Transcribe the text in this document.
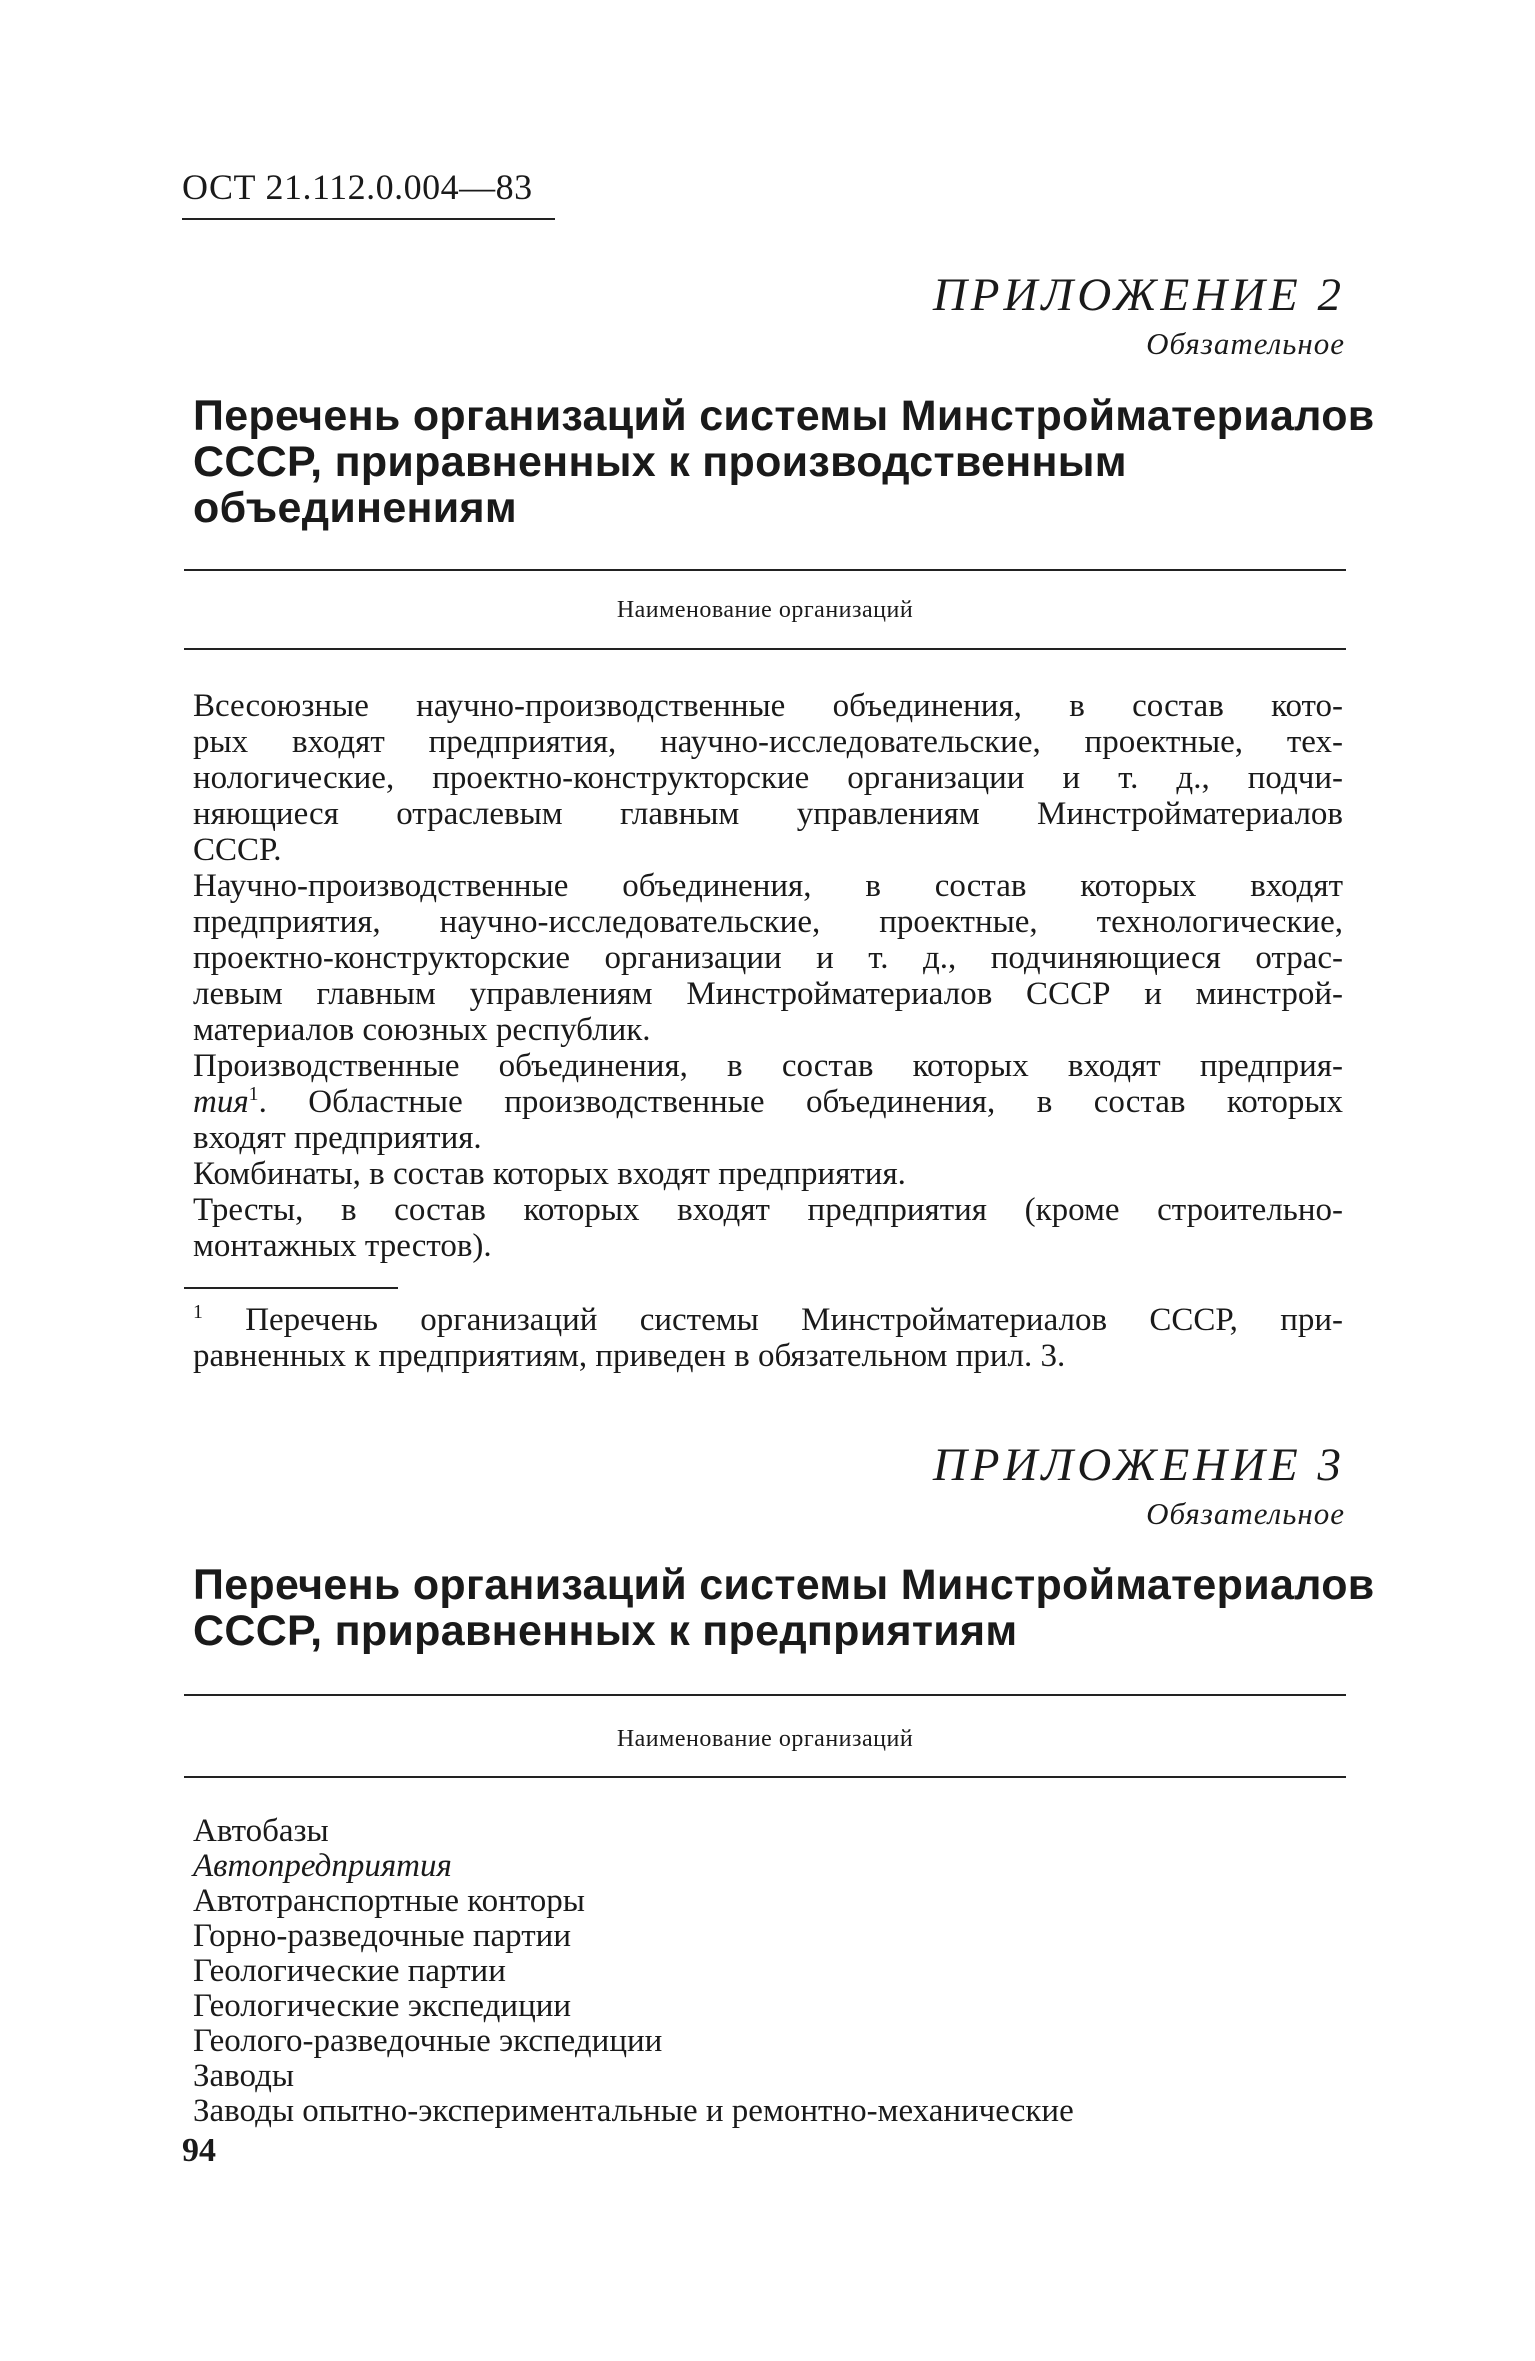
ОСТ 21.112.0.004—83
ПРИЛОЖЕНИЕ 2
Обязательное
Перечень организаций системы Минстройматериалов
СССР, приравненных к производственным
объединениям
Наименование организаций
Всесоюзные научно-производственные объединения, в состав кото-
рых входят предприятия, научно-исследовательские, проектные, тех-
нологические, проектно-конструкторские организации и т. д., подчи-
няющиеся отраслевым главным управлениям Минстройматериалов
СССР.
Научно-производственные объединения, в состав которых входят
предприятия, научно-исследовательские, проектные, технологические,
проектно-конструкторские организации и т. д., подчиняющиеся отрас-
левым главным управлениям Минстройматериалов СССР и минстрой-
материалов союзных республик.
Производственные объединения, в состав которых входят предприя-
тия$^1$. Областные производственные объединения, в состав которых
входят предприятия.
Комбинаты, в состав которых входят предприятия.
Тресты, в состав которых входят предприятия (кроме строительно-
монтажных трестов).
$^1$ Перечень организаций системы Минстройматериалов СССР, при-
равненных к предприятиям, приведен в обязательном прил. 3.
ПРИЛОЖЕНИЕ 3
Обязательное
Перечень организаций системы Минстройматериалов
СССР, приравненных к предприятиям
Наименование организаций
Автобазы
Автопредприятия
Автотранспортные конторы
Горно-разведочные партии
Геологические партии
Геологические экспедиции
Геолого-разведочные экспедиции
Заводы
Заводы опытно-экспериментальные и ремонтно-механические
94
